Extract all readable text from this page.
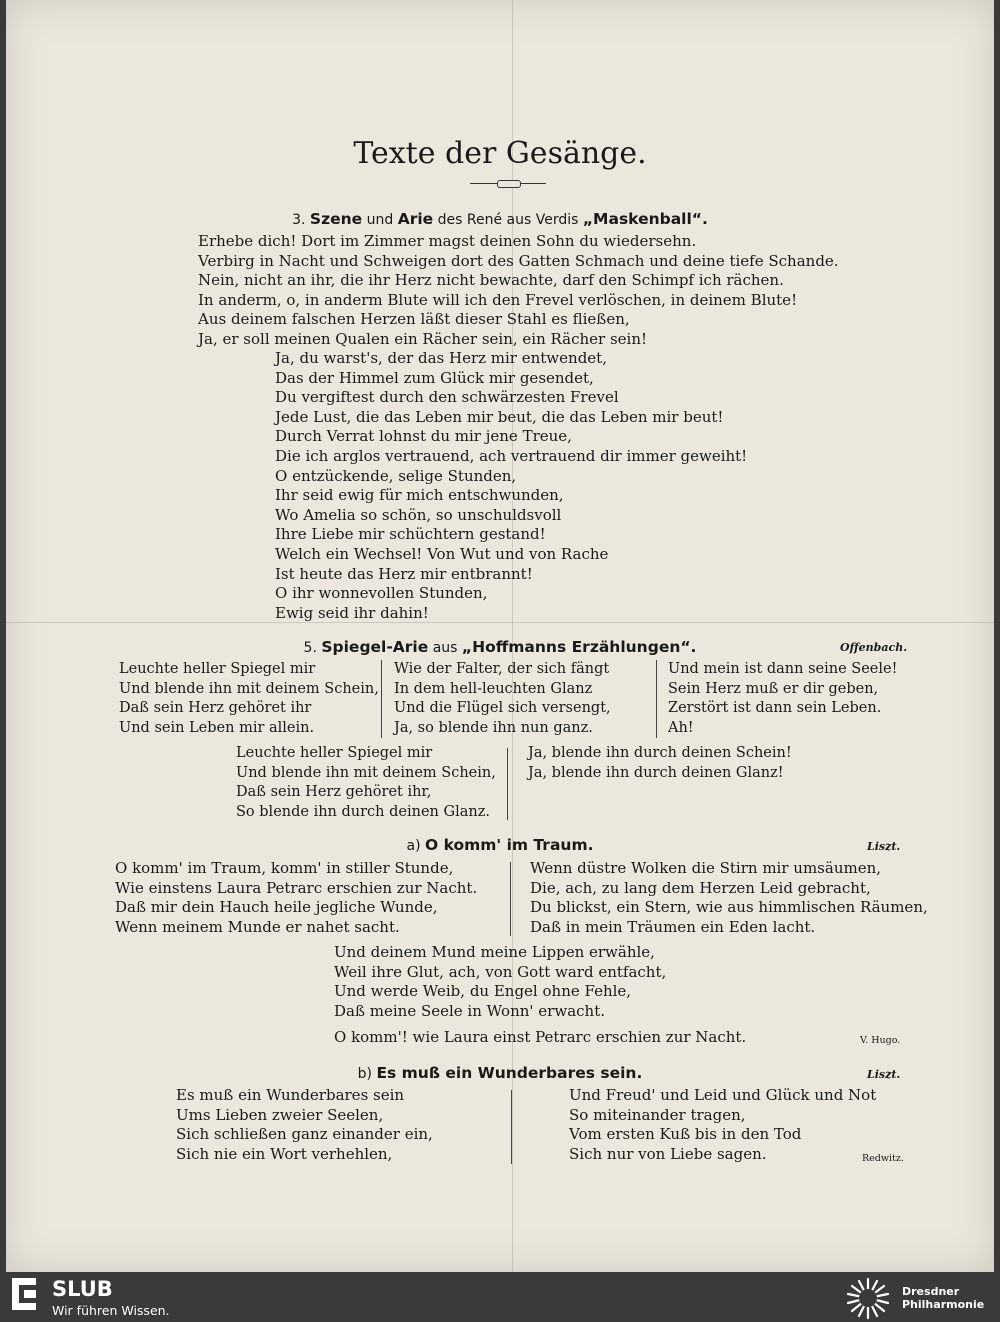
Texte der Gesänge.
3. Szene und Arie des René aus Verdis „Maskenball“.
Erhebe dich! Dort im Zimmer magst deinen Sohn du wiedersehn.
Verbirg in Nacht und Schweigen dort des Gatten Schmach und deine tiefe Schande.
Nein, nicht an ihr, die ihr Herz nicht bewachte, darf den Schimpf ich rächen.
In anderm, o, in anderm Blute will ich den Frevel verlöschen, in deinem Blute!
Aus deinem falschen Herzen läßt dieser Stahl es fließen,
Ja, er soll meinen Qualen ein Rächer sein, ein Rächer sein!
Ja, du warst's, der das Herz mir entwendet,
Das der Himmel zum Glück mir gesendet,
Du vergiftest durch den schwärzesten Frevel
Jede Lust, die das Leben mir beut, die das Leben mir beut!
Durch Verrat lohnst du mir jene Treue,
Die ich arglos vertrauend, ach vertrauend dir immer geweiht!
O entzückende, selige Stunden,
Ihr seid ewig für mich entschwunden,
Wo Amelia so schön, so unschuldsvoll
Ihre Liebe mir schüchtern gestand!
Welch ein Wechsel! Von Wut und von Rache
Ist heute das Herz mir entbrannt!
O ihr wonnevollen Stunden,
Ewig seid ihr dahin!
5. Spiegel-Arie aus „Hoffmanns Erzählungen“.	Offenbach.
Leuchte heller Spiegel mir
Und blende ihn mit deinem Schein,
Daß sein Herz gehöret ihr
Und sein Leben mir allein.
Wie der Falter, der sich fängt
In dem hell-leuchten Glanz
Und die Flügel sich versengt,
Ja, so blende ihn nun ganz.
Und mein ist dann seine Seele!
Sein Herz muß er dir geben,
Zerstört ist dann sein Leben.
Ah!
Leuchte heller Spiegel mir
Und blende ihn mit deinem Schein,
Daß sein Herz gehöret ihr,
So blende ihn durch deinen Glanz.
Ja, blende ihn durch deinen Schein!
Ja, blende ihn durch deinen Glanz!
a) O komm' im Traum.	Liszt.
O komm' im Traum, komm' in stiller Stunde,
Wie einstens Laura Petrarc erschien zur Nacht.
Daß mir dein Hauch heile jegliche Wunde,
Wenn meinem Munde er nahet sacht.
Wenn düstre Wolken die Stirn mir umsäumen,
Die, ach, zu lang dem Herzen Leid gebracht,
Du blickst, ein Stern, wie aus himmlischen Räumen,
Daß in mein Träumen ein Eden lacht.
Und deinem Mund meine Lippen erwähle,
Weil ihre Glut, ach, von Gott ward entfacht,
Und werde Weib, du Engel ohne Fehle,
Daß meine Seele in Wonn' erwacht.
O komm'! wie Laura einst Petrarc erschien zur Nacht.	V. Hugo.
b) Es muß ein Wunderbares sein.	Liszt.
Es muß ein Wunderbares sein
Ums Lieben zweier Seelen,
Sich schließen ganz einander ein,
Sich nie ein Wort verhehlen,
Und Freud' und Leid und Glück und Not
So miteinander tragen,
Vom ersten Kuß bis in den Tod
Sich nur von Liebe sagen.	Redwitz.
SLUB
Wir führen Wissen.
Dresdner
Philharmonie
